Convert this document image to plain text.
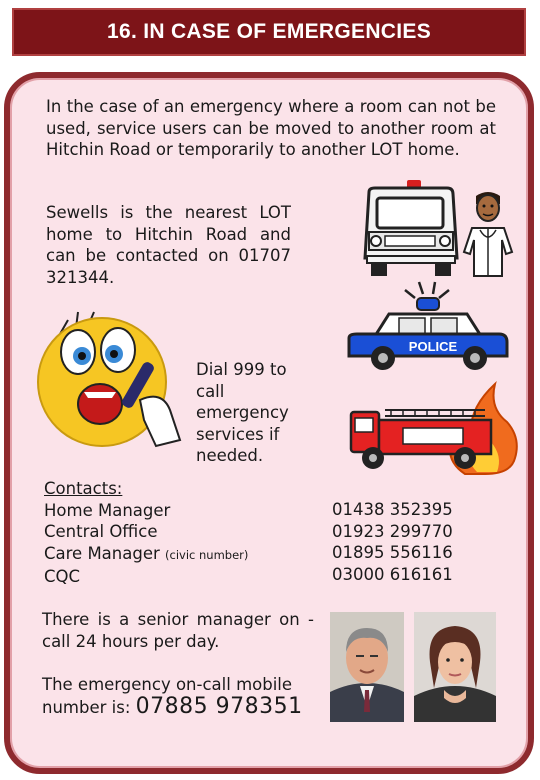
16. IN CASE OF EMERGENCIES
In the case of an emergency where a room can not be used, service users can be moved to another room at Hitchin Road or temporarily to another LOT home.
Sewells is the nearest LOT home to Hitchin Road and can be contacted on 01707 321344.
POLICE
Dial 999 to call emergency services if needed.
Contacts:
Home Manager
Central Office
Care Manager (civic number)
CQC
01438 352395
01923 299770
01895 556116
03000 616161
There is a senior manager on -call 24 hours per day.
The emergency on-call mobile number is: 07885 978351
